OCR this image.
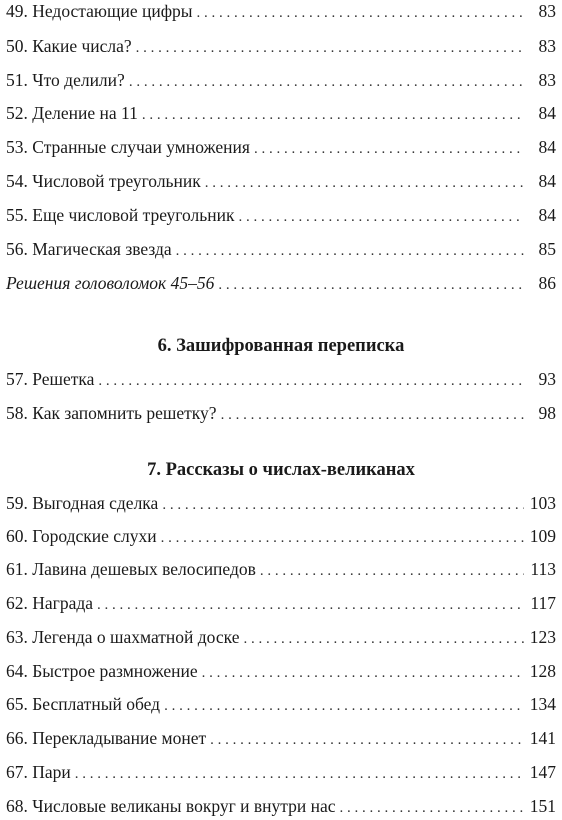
49. Недостающие цифры . . .	83
50. Какие числа? . . .	83
51. Что делили? . . .	83
52. Деление на 11 . . .	84
53. Странные случаи умножения . . .	84
54. Числовой треугольник . . .	84
55. Еще числовой треугольник . . .	84
56. Магическая звезда . . .	85
Решения головоломок 45–56 . . .	86
6. Зашифрованная переписка
57. Решетка . . .	93
58. Как запомнить решетку? . . .	98
7. Рассказы о числах-великанах
59. Выгодная сделка . . .	103
60. Городские слухи . . .	109
61. Лавина дешевых велосипедов . . .	113
62. Награда . . .	117
63. Легенда о шахматной доске . . .	123
64. Быстрое размножение . . .	128
65. Бесплатный обед . . .	134
66. Перекладывание монет . . .	141
67. Пари . . .	147
68. Числовые великаны вокруг и внутри нас . . .	151
